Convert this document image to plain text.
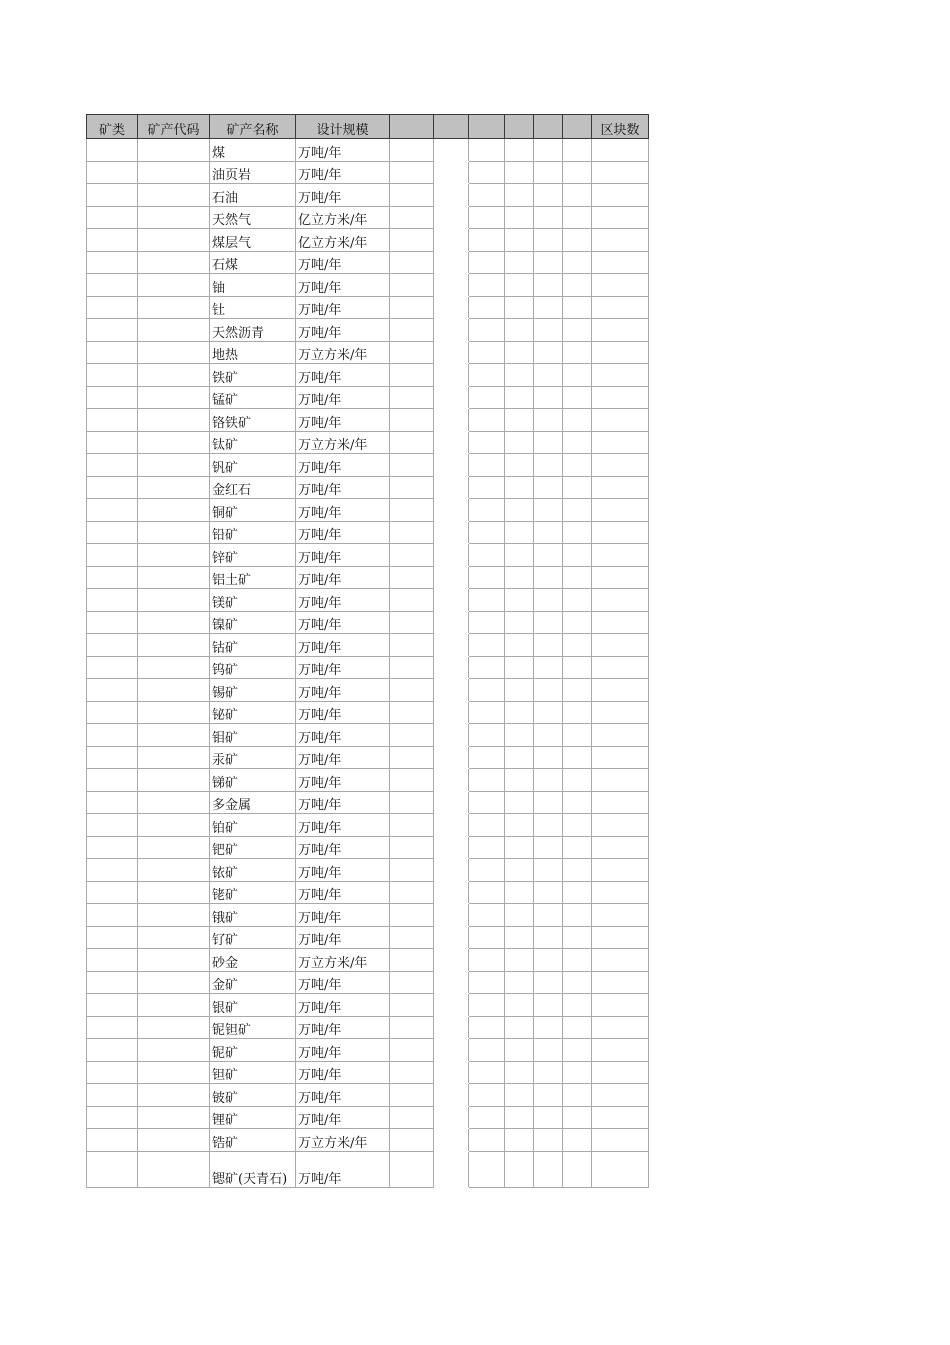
矿类	矿产代码	矿产名称	设计规模							区块数
		煤	万吨/年							
		油页岩	万吨/年							
		石油	万吨/年							
		天然气	亿立方米/年							
		煤层气	亿立方米/年							
		石煤	万吨/年							
		铀	万吨/年							
		钍	万吨/年							
		天然沥青	万吨/年							
		地热	万立方米/年							
		铁矿	万吨/年							
		锰矿	万吨/年							
		铬铁矿	万吨/年							
		钛矿	万立方米/年							
		钒矿	万吨/年							
		金红石	万吨/年							
		铜矿	万吨/年							
		铅矿	万吨/年							
		锌矿	万吨/年							
		铝土矿	万吨/年							
		镁矿	万吨/年							
		镍矿	万吨/年							
		钴矿	万吨/年							
		钨矿	万吨/年							
		锡矿	万吨/年							
		铋矿	万吨/年							
		钼矿	万吨/年							
		汞矿	万吨/年							
		锑矿	万吨/年							
		多金属	万吨/年							
		铂矿	万吨/年							
		钯矿	万吨/年							
		铱矿	万吨/年							
		铑矿	万吨/年							
		锇矿	万吨/年							
		钌矿	万吨/年							
		砂金	万立方米/年							
		金矿	万吨/年							
		银矿	万吨/年							
		铌钽矿	万吨/年							
		铌矿	万吨/年							
		钽矿	万吨/年							
		铍矿	万吨/年							
		锂矿	万吨/年							
		锆矿	万立方米/年							
		锶矿(天青石)	万吨/年							
